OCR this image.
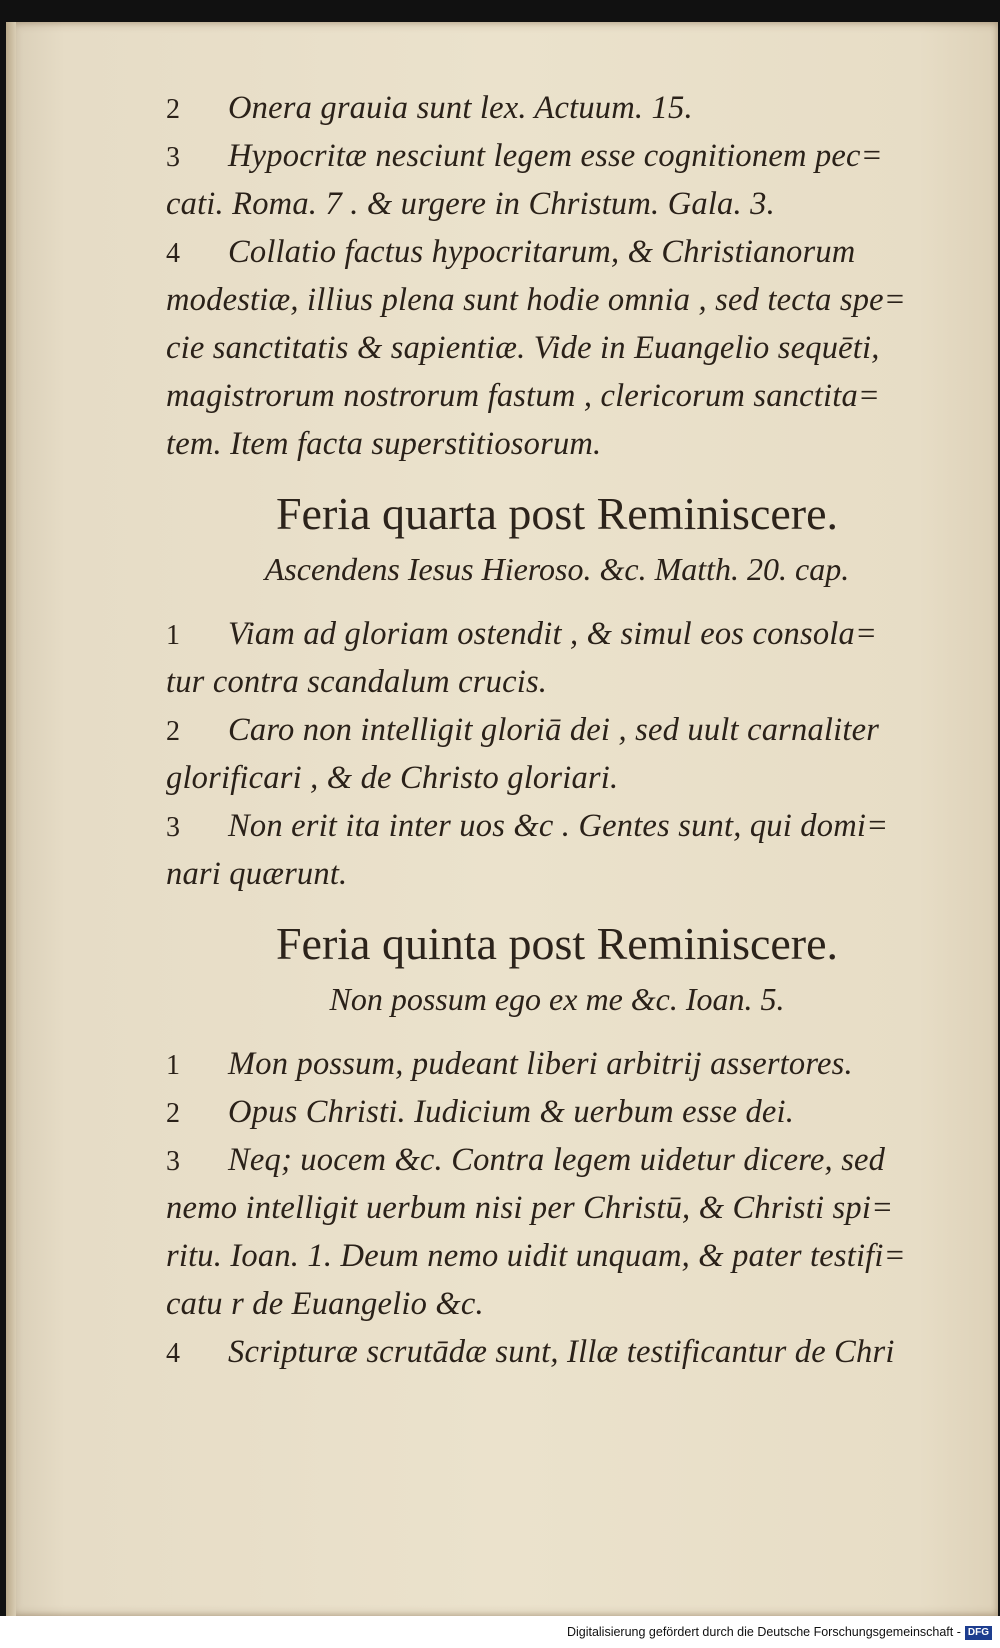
2 Onera grauia sunt lex. Actuum. 15.
3 Hypocritæ nesciunt legem esse cognitionem pec=
cati. Roma. 7 . & urgere in Christum. Gala. 3.
4 Collatio factus hypocritarum, & Christianorum
modestiæ, illius plena sunt hodie omnia , sed tecta spe=
cie sanctitatis & sapientiæ. Vide in Euangelio sequēti,
magistrorum nostrorum fastum , clericorum sanctita=
tem. Item facta superstitiosorum.
Feria quarta post Reminiscere.
Ascendens Iesus Hieroso. &c. Matth. 20. cap.
1 Viam ad gloriam ostendit , & simul eos consola=
tur contra scandalum crucis.
2 Caro non intelligit gloriā dei , sed uult carnaliter
glorificari , & de Christo gloriari.
3 Non erit ita inter uos &c . Gentes sunt, qui domi=
nari quærunt.
Feria quinta post Reminiscere.
Non possum ego ex me &c. Ioan. 5.
1 Mon possum, pudeant liberi arbitrij assertores.
2 Opus Christi. Iudicium & uerbum esse dei.
3 Neq; uocem &c. Contra legem uidetur dicere, sed
nemo intelligit uerbum nisi per Christū, & Christi spi=
ritu. Ioan. 1. Deum nemo uidit unquam, & pater testifi=
catu r de Euangelio &c.
4 Scripturæ scrutādæ sunt, Illæ testificantur de Chri
Digitalisierung gefördert durch die Deutsche Forschungsgemeinschaft - DFG
